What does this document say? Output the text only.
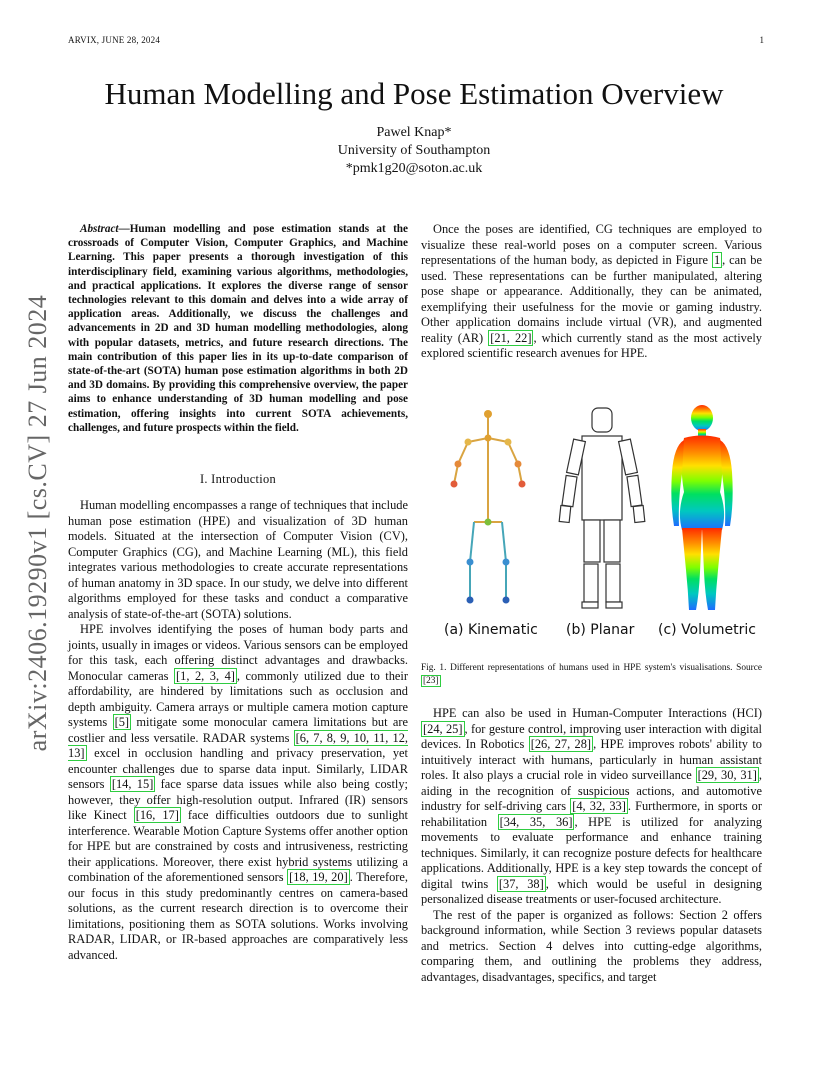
ARVIX, JUNE 28, 2024	1
arXiv:2406.19290v1 [cs.CV] 27 Jun 2024
Human Modelling and Pose Estimation Overview
Pawel Knap*
University of Southampton
*pmk1g20@soton.ac.uk
Abstract—Human modelling and pose estimation stands at the crossroads of Computer Vision, Computer Graphics, and Machine Learning. This paper presents a thorough investigation of this interdisciplinary field, examining various algorithms, methodologies, and practical applications. It explores the diverse range of sensor technologies relevant to this domain and delves into a wide array of application areas. Additionally, we discuss the challenges and advancements in 2D and 3D human modelling methodologies, along with popular datasets, metrics, and future research directions. The main contribution of this paper lies in its up-to-date comparison of state-of-the-art (SOTA) human pose estimation algorithms in both 2D and 3D domains. By providing this comprehensive overview, the paper aims to enhance understanding of 3D human modelling and pose estimation, offering insights into current SOTA achievements, challenges, and future prospects within the field.
I. Introduction

Human modelling encompasses a range of techniques that include human pose estimation (HPE) and visualization of 3D human models. Situated at the intersection of Computer Vision (CV), Computer Graphics (CG), and Machine Learning (ML), this field integrates various methodologies to create accurate representations of human anatomy in 3D space. In our study, we delve into different algorithms employed for these tasks and conduct a comparative analysis of state-of-the-art (SOTA) solutions.

HPE involves identifying the poses of human body parts and joints, usually in images or videos. Various sensors can be employed for this task, each offering distinct advantages and drawbacks. Monocular cameras [1, 2, 3, 4] , commonly utilized due to their affordability, are hindered by limitations such as occlusion and depth ambiguity. Camera arrays or multiple camera motion capture systems [5] mitigate some monocular camera limitations but are costlier and less versatile. RADAR systems [6, 7, 8, 9, 10, 11, 12, 13] excel in occlusion handling and privacy preservation, yet encounter challenges due to sparse data input. Similarly, LIDAR sensors [14, 15] face sparse data issues while also being costly; however, they offer high-resolution output. Infrared (IR) sensors like Kinect [16, 17] face difficulties outdoors due to sunlight interference. Wearable Motion Capture Systems offer another option for HPE but are constrained by costs and intrusiveness, restricting their applications. Moreover, there exist hybrid systems utilizing a combination of the aforementioned sensors [18, 19, 20] . Therefore, our focus in this study predominantly centres on camera-based solutions, as the current research direction is to overcome their limitations, positioning them as SOTA solutions. Works involving RADAR, LIDAR, or IR-based approaches are comparatively less advanced.

Once the poses are identified, CG techniques are employed to visualize these real-world poses on a computer screen. Various representations of the human body, as depicted in Figure 1 , can be used. These representations can be further manipulated, altering pose shape or appearance. Additionally, they can be animated, exemplifying their usefulness for the movie or gaming industry. Other application domains include virtual (VR), and augmented reality (AR) [21, 22] , which currently stand as the most actively explored scientific research avenues for HPE.

(a) Kinematic (b) Planar (c) Volumetric
Fig. 1. Different representations of humans used in HPE system's visualisations. Source [23]

HPE can also be used in Human-Computer Interactions (HCI) [24, 25] , for gesture control, improving user interaction with digital devices. In Robotics [26, 27, 28] , HPE improves robots' ability to intuitively interact with humans, particularly in human assistant roles. It also plays a crucial role in video surveillance [29, 30, 31] , aiding in the recognition of suspicious actions, and automotive industry for self-driving cars [4, 32, 33] . Furthermore, in sports or rehabilitation [34, 35, 36] , HPE is utilized for analyzing movements to evaluate performance and enhance training techniques. Similarly, it can recognize posture defects for healthcare applications. Additionally, HPE is a key step towards the concept of digital twins [37, 38] , which would be useful in designing personalized disease treatments or user-focused architecture.

The rest of the paper is organized as follows: Section 2 offers background information, while Section 3 reviews popular datasets and metrics. Section 4 delves into cutting-edge algorithms, comparing them, and outlining the problems they address, advantages, disadvantages, specifics, and target
